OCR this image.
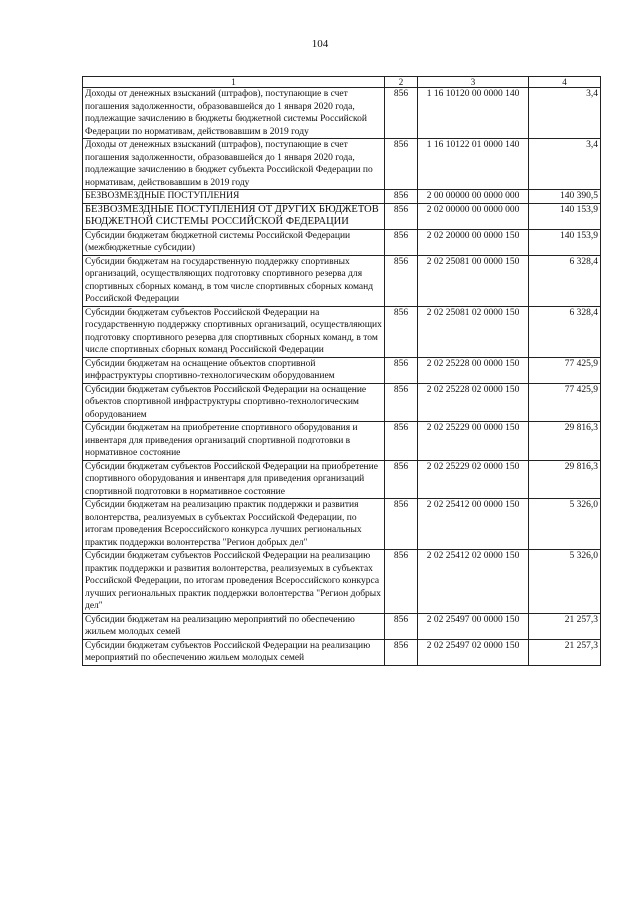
104
1	2	3	4
Доходы от денежных взысканий (штрафов), поступающие в счет погашения задолженности, образовавшейся до 1 января 2020 года, подлежащие зачислению в бюджеты бюджетной системы Российской Федерации по нормативам, действовавшим в 2019 году	856	1 16 10120 00 0000 140	3,4
Доходы от денежных взысканий (штрафов), поступающие в счет погашения задолженности, образовавшейся до 1 января 2020 года, подлежащие зачислению в бюджет субъекта Российской Федерации по нормативам, действовавшим в 2019 году	856	1 16 10122 01 0000 140	3,4
БЕЗВОЗМЕЗДНЫЕ ПОСТУПЛЕНИЯ	856	2 00 00000 00 0000 000	140 390,5
БЕЗВОЗМЕЗДНЫЕ ПОСТУПЛЕНИЯ ОТ ДРУГИХ БЮДЖЕТОВ БЮДЖЕТНОЙ СИСТЕМЫ РОССИЙСКОЙ ФЕДЕРАЦИИ	856	2 02 00000 00 0000 000	140 153,9
Субсидии бюджетам бюджетной системы Российской Федерации (межбюджетные субсидии)	856	2 02 20000 00 0000 150	140 153,9
Субсидии бюджетам на государственную поддержку спортивных организаций, осуществляющих подготовку спортивного резерва для спортивных сборных команд, в том числе спортивных сборных команд Российской Федерации	856	2 02 25081 00 0000 150	6 328,4
Субсидии бюджетам субъектов Российской Федерации на государственную поддержку спортивных организаций, осуществляющих подготовку спортивного резерва для спортивных сборных команд, в том числе спортивных сборных команд Российской Федерации	856	2 02 25081 02 0000 150	6 328,4
Субсидии бюджетам на оснащение объектов спортивной инфраструктуры спортивно-технологическим оборудованием	856	2 02 25228 00 0000 150	77 425,9
Субсидии бюджетам субъектов Российской Федерации на оснащение объектов спортивной инфраструктуры спортивно-технологическим оборудованием	856	2 02 25228 02 0000 150	77 425,9
Субсидии бюджетам на приобретение спортивного оборудования и инвентаря для приведения организаций спортивной подготовки в нормативное состояние	856	2 02 25229 00 0000 150	29 816,3
Субсидии бюджетам субъектов Российской Федерации на приобретение спортивного оборудования и инвентаря для приведения организаций спортивной подготовки в нормативное состояние	856	2 02 25229 02 0000 150	29 816,3
Субсидии бюджетам на реализацию практик поддержки и развития волонтерства, реализуемых в субъектах Российской Федерации, по итогам проведения Всероссийского конкурса лучших региональных практик поддержки волонтерства "Регион добрых дел"	856	2 02 25412 00 0000 150	5 326,0
Субсидии бюджетам субъектов Российской Федерации на реализацию практик поддержки и развития волонтерства, реализуемых в субъектах Российской Федерации, по итогам проведения Всероссийского конкурса лучших региональных практик поддержки волонтерства "Регион добрых дел"	856	2 02 25412 02 0000 150	5 326,0
Субсидии бюджетам на реализацию мероприятий по обеспечению жильем молодых семей	856	2 02 25497 00 0000 150	21 257,3
Субсидии бюджетам субъектов Российской Федерации на реализацию мероприятий по обеспечению жильем молодых семей	856	2 02 25497 02 0000 150	21 257,3
